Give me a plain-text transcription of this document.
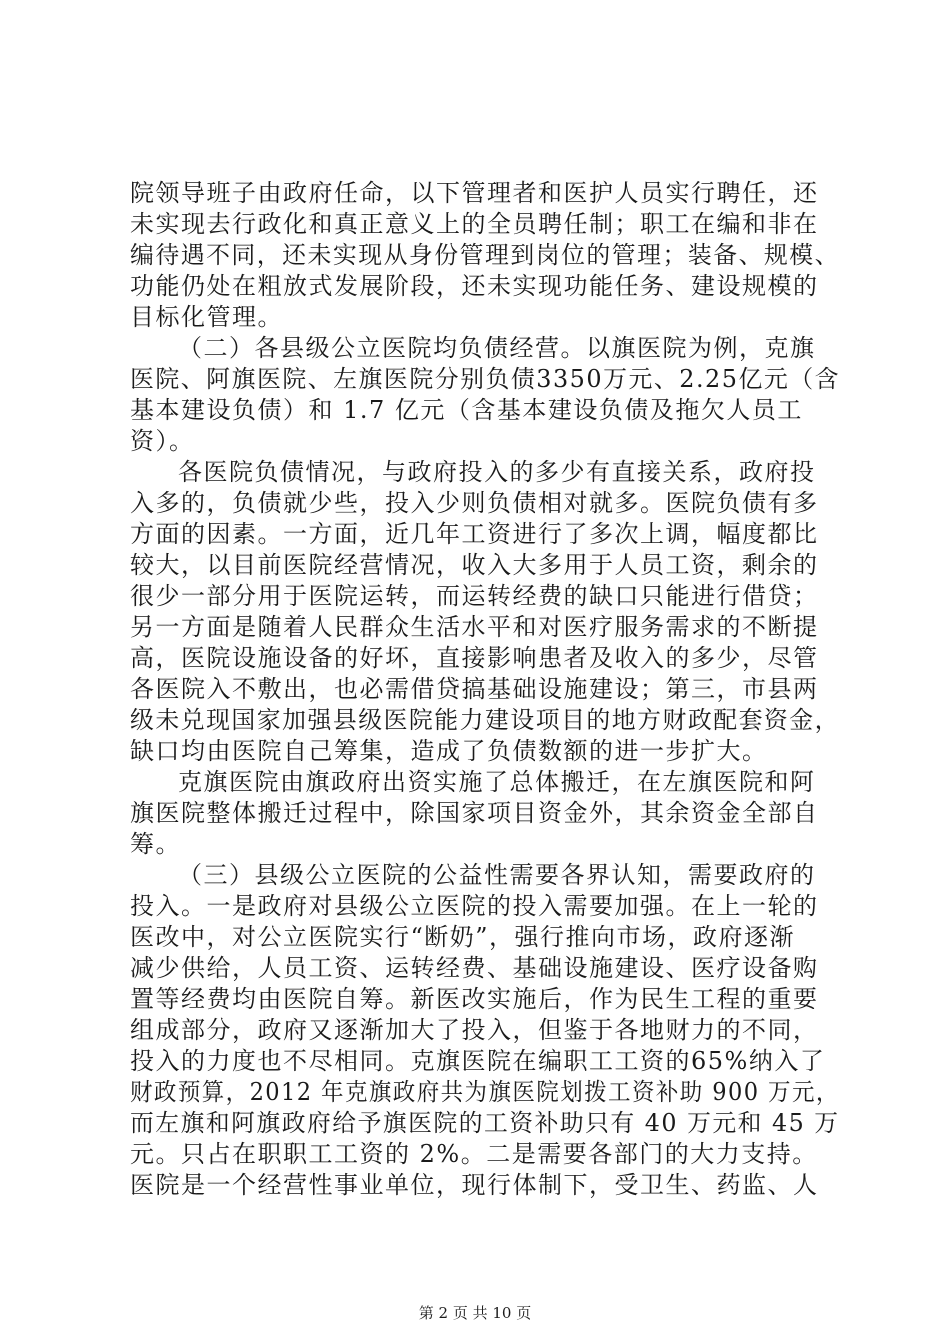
院领导班子由政府任命，以下管理者和医护人员实行聘任，还
未实现去行政化和真正意义上的全员聘任制；职工在编和非在
编待遇不同，还未实现从身份管理到岗位的管理；装备、规模、
功能仍处在粗放式发展阶段，还未实现功能任务、建设规模的
目标化管理。
（二）各县级公立医院均负债经营。以旗医院为例，克旗
医院、阿旗医院、左旗医院分别负债3350万元、2.25亿元（含
基本建设负债）和 1.7 亿元（含基本建设负债及拖欠人员工
资）。
各医院负债情况，与政府投入的多少有直接关系，政府投
入多的，负债就少些，投入少则负债相对就多。医院负债有多
方面的因素。一方面，近几年工资进行了多次上调，幅度都比
较大，以目前医院经营情况，收入大多用于人员工资，剩余的
很少一部分用于医院运转，而运转经费的缺口只能进行借贷；
另一方面是随着人民群众生活水平和对医疗服务需求的不断提
高，医院设施设备的好坏，直接影响患者及收入的多少，尽管
各医院入不敷出，也必需借贷搞基础设施建设；第三，市县两
级未兑现国家加强县级医院能力建设项目的地方财政配套资金，
缺口均由医院自己筹集，造成了负债数额的进一步扩大。
克旗医院由旗政府出资实施了总体搬迁，在左旗医院和阿
旗医院整体搬迁过程中，除国家项目资金外，其余资金全部自
筹。
（三）县级公立医院的公益性需要各界认知，需要政府的
投入。一是政府对县级公立医院的投入需要加强。在上一轮的
医改中，对公立医院实行“断奶”，强行推向市场，政府逐渐
减少供给，人员工资、运转经费、基础设施建设、医疗设备购
置等经费均由医院自筹。新医改实施后，作为民生工程的重要
组成部分，政府又逐渐加大了投入，但鉴于各地财力的不同，
投入的力度也不尽相同。克旗医院在编职工工资的65%纳入了
财政预算，2012 年克旗政府共为旗医院划拨工资补助 900 万元，
而左旗和阿旗政府给予旗医院的工资补助只有 40 万元和 45 万
元。只占在职职工工资的 2%。二是需要各部门的大力支持。
医院是一个经营性事业单位，现行体制下，受卫生、药监、人
第 2 页 共 10 页
